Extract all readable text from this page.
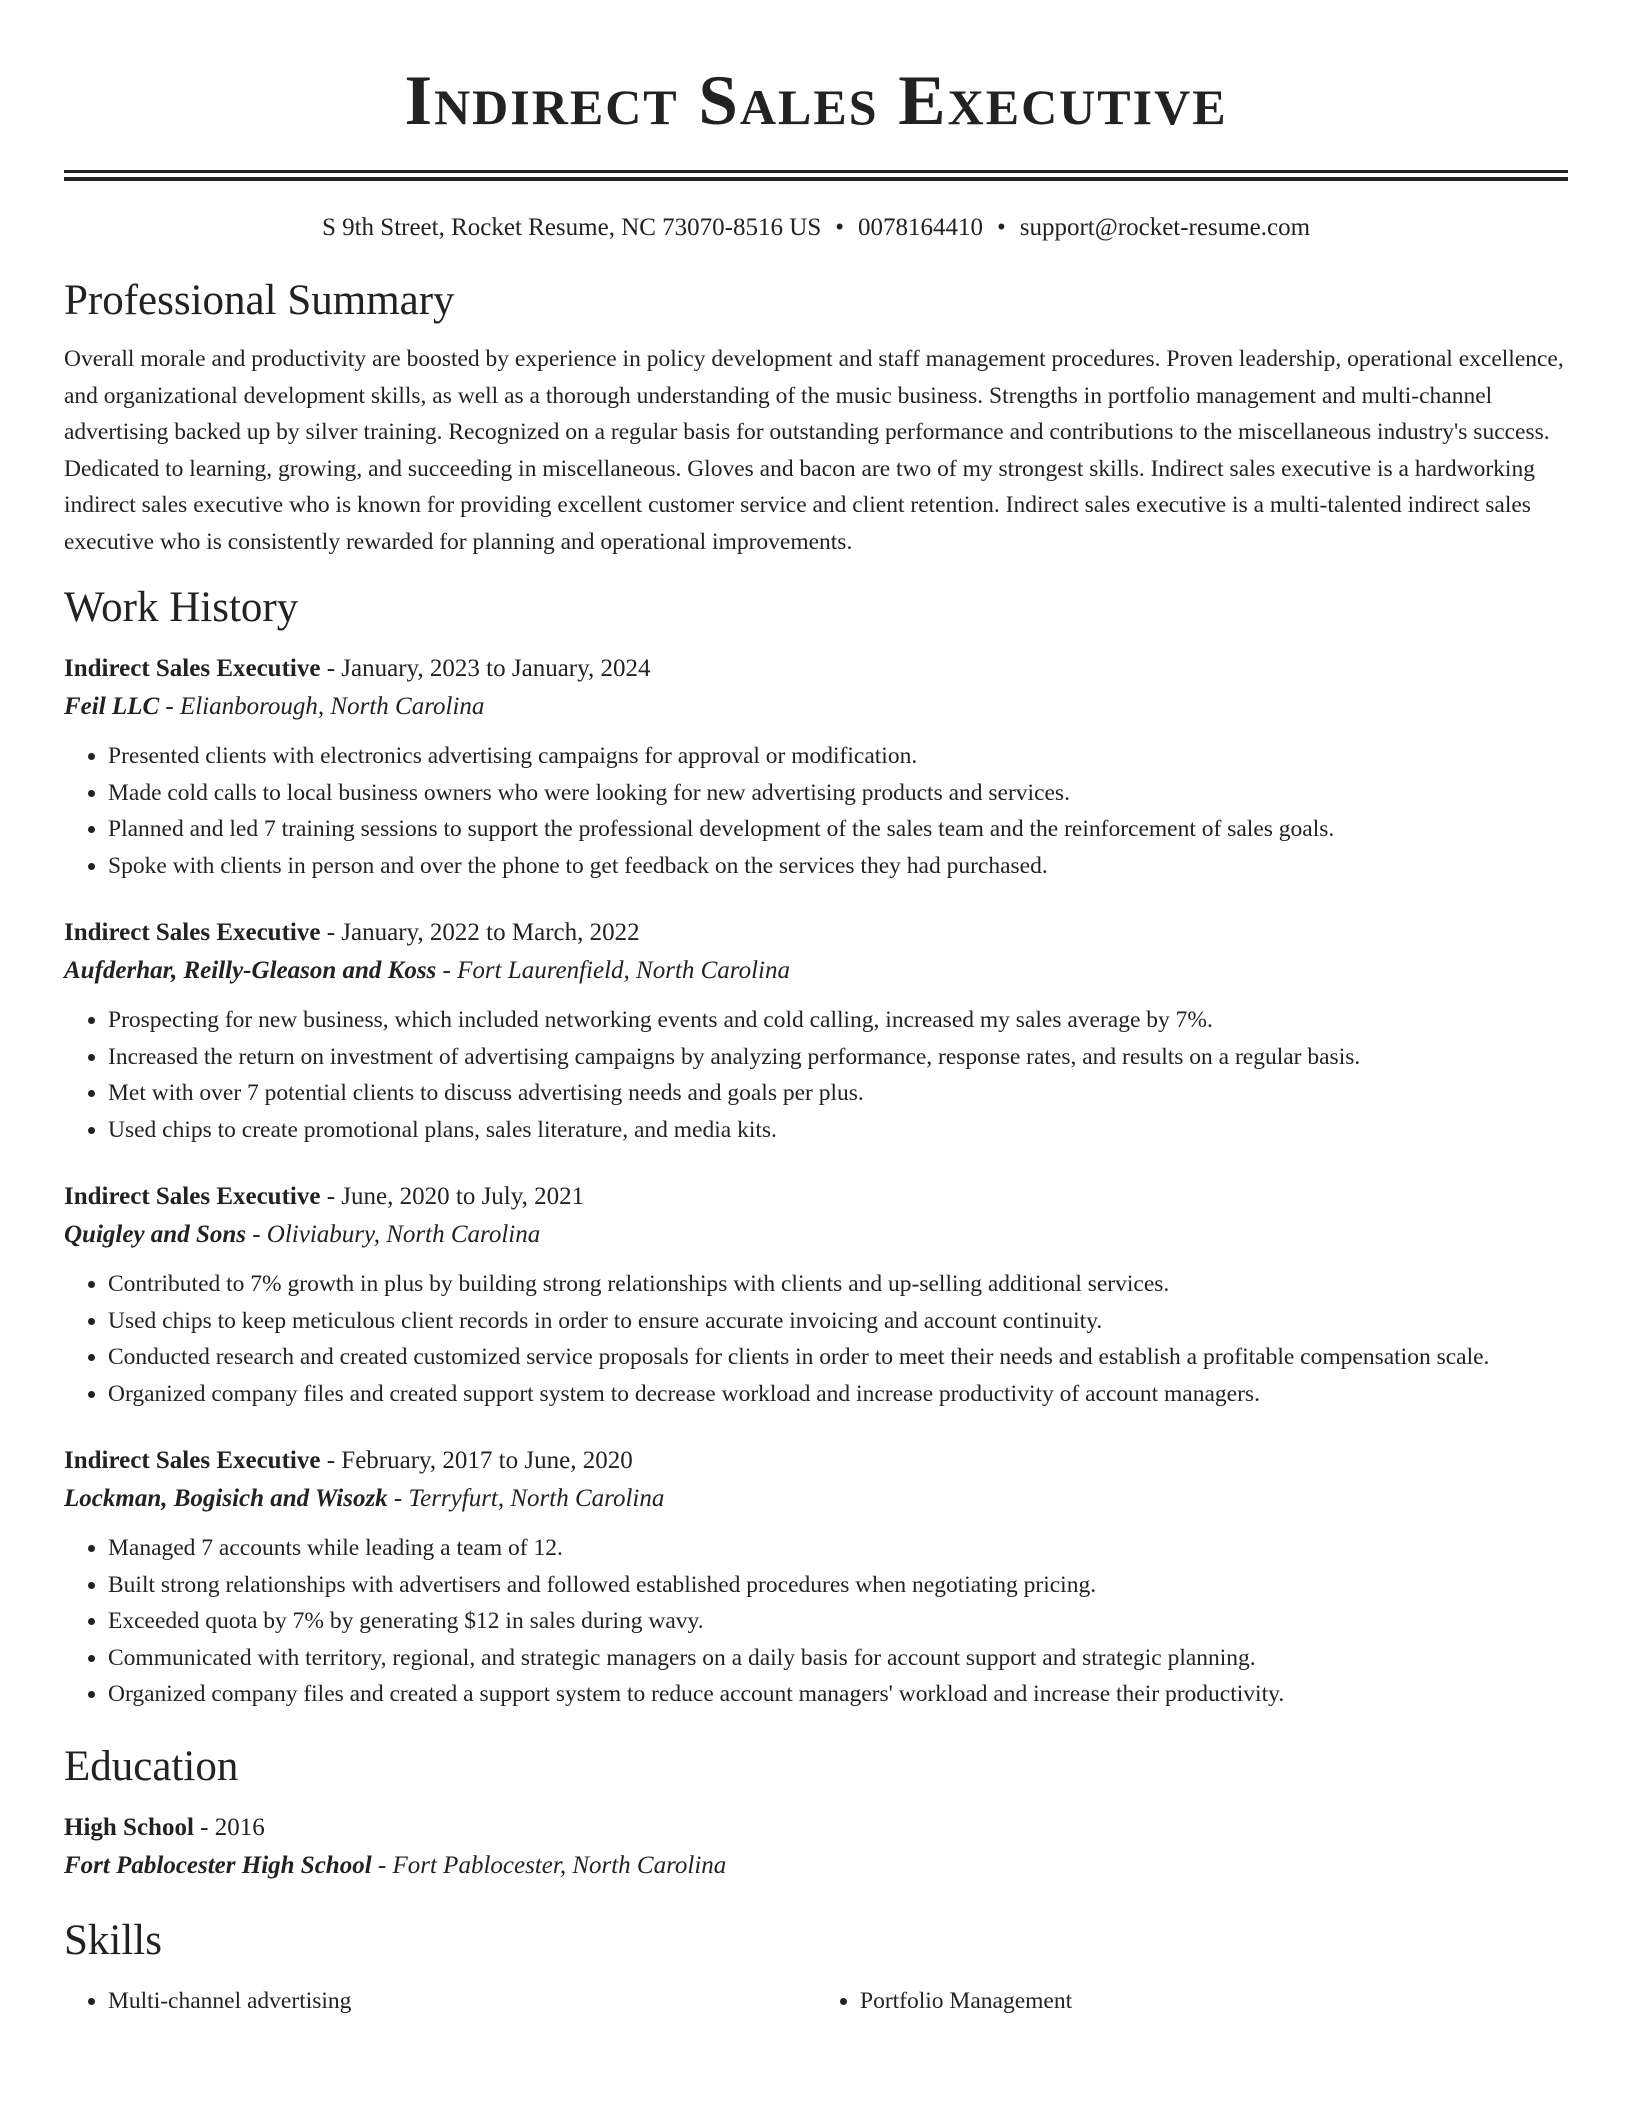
Indirect Sales Executive
S 9th Street, Rocket Resume, NC 73070-8516 US • 0078164410 • support@rocket-resume.com
Professional Summary

Overall morale and productivity are boosted by experience in policy development and staff management procedures. Proven leadership, operational excellence, and organizational development skills, as well as a thorough understanding of the music business. Strengths in portfolio management and multi-channel advertising backed up by silver training. Recognized on a regular basis for outstanding performance and contributions to the miscellaneous industry's success. Dedicated to learning, growing, and succeeding in miscellaneous. Gloves and bacon are two of my strongest skills. Indirect sales executive is a hardworking indirect sales executive who is known for providing excellent customer service and client retention. Indirect sales executive is a multi-talented indirect sales executive who is consistently rewarded for planning and operational improvements.

Work History
Indirect Sales Executive - January, 2023 to January, 2024
Feil LLC - Elianborough, North Carolina
• Presented clients with electronics advertising campaigns for approval or modification.
• Made cold calls to local business owners who were looking for new advertising products and services.
• Planned and led 7 training sessions to support the professional development of the sales team and the reinforcement of sales goals.
• Spoke with clients in person and over the phone to get feedback on the services they had purchased.
Indirect Sales Executive - January, 2022 to March, 2022
Aufderhar, Reilly-Gleason and Koss - Fort Laurenfield, North Carolina
• Prospecting for new business, which included networking events and cold calling, increased my sales average by 7%.
• Increased the return on investment of advertising campaigns by analyzing performance, response rates, and results on a regular basis.
• Met with over 7 potential clients to discuss advertising needs and goals per plus.
• Used chips to create promotional plans, sales literature, and media kits.
Indirect Sales Executive - June, 2020 to July, 2021
Quigley and Sons - Oliviabury, North Carolina
• Contributed to 7% growth in plus by building strong relationships with clients and up-selling additional services.
• Used chips to keep meticulous client records in order to ensure accurate invoicing and account continuity.
• Conducted research and created customized service proposals for clients in order to meet their needs and establish a profitable compensation scale.
• Organized company files and created support system to decrease workload and increase productivity of account managers.
Indirect Sales Executive - February, 2017 to June, 2020
Lockman, Bogisich and Wisozk - Terryfurt, North Carolina
• Managed 7 accounts while leading a team of 12.
• Built strong relationships with advertisers and followed established procedures when negotiating pricing.
• Exceeded quota by 7% by generating $12 in sales during wavy.
• Communicated with territory, regional, and strategic managers on a daily basis for account support and strategic planning.
• Organized company files and created a support system to reduce account managers' workload and increase their productivity.
Education
High School - 2016
Fort Pablocester High School - Fort Pablocester, North Carolina
Skills
• Multi-channel advertising
•	Portfolio Management
